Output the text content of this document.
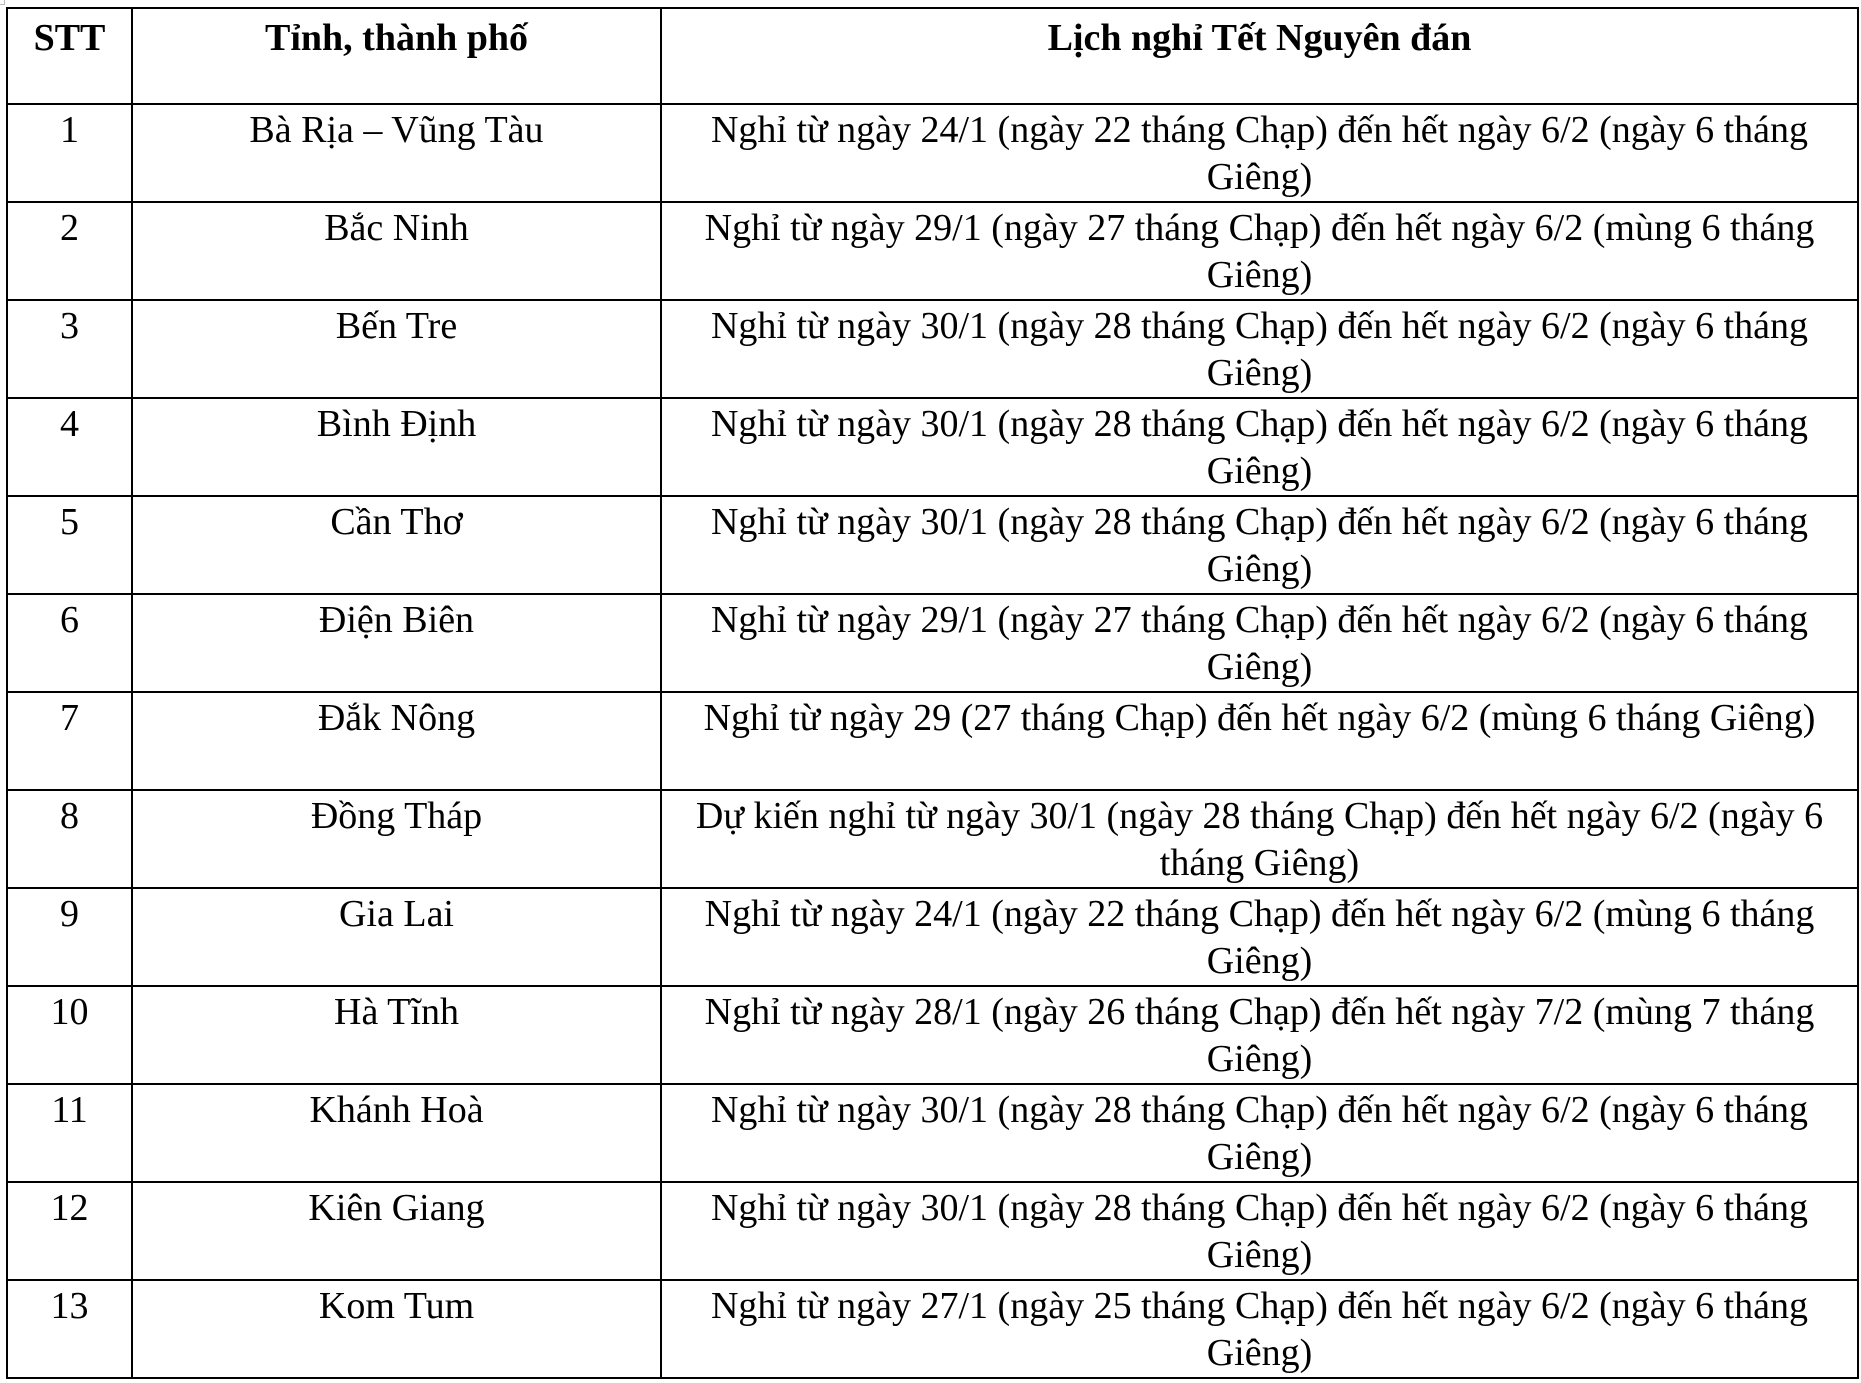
STT	Tỉnh, thành phố	Lịch nghỉ Tết Nguyên đán
1	Bà Rịa – Vũng Tàu	Nghỉ từ ngày 24/1 (ngày 22 tháng Chạp) đến hết ngày 6/2 (ngày 6 tháng Giêng)
2	Bắc Ninh	Nghỉ từ ngày 29/1 (ngày 27 tháng Chạp) đến hết ngày 6/2 (mùng 6 tháng Giêng)
3	Bến Tre	Nghỉ từ ngày 30/1 (ngày 28 tháng Chạp) đến hết ngày 6/2 (ngày 6 tháng Giêng)
4	Bình Định	Nghỉ từ ngày 30/1 (ngày 28 tháng Chạp) đến hết ngày 6/2 (ngày 6 tháng Giêng)
5	Cần Thơ	Nghỉ từ ngày 30/1 (ngày 28 tháng Chạp) đến hết ngày 6/2 (ngày 6 tháng Giêng)
6	Điện Biên	Nghỉ từ ngày 29/1 (ngày 27 tháng Chạp) đến hết ngày 6/2 (ngày 6 tháng Giêng)
7	Đắk Nông	Nghỉ từ ngày 29 (27 tháng Chạp) đến hết ngày 6/2 (mùng 6 tháng Giêng)
8	Đồng Tháp	Dự kiến nghỉ từ ngày 30/1 (ngày 28 tháng Chạp) đến hết ngày 6/2 (ngày 6 tháng Giêng)
9	Gia Lai	Nghỉ từ ngày 24/1 (ngày 22 tháng Chạp) đến hết ngày 6/2 (mùng 6 tháng Giêng)
10	Hà Tĩnh	Nghỉ từ ngày 28/1 (ngày 26 tháng Chạp) đến hết ngày 7/2 (mùng 7 tháng Giêng)
11	Khánh Hoà	Nghỉ từ ngày 30/1 (ngày 28 tháng Chạp) đến hết ngày 6/2 (ngày 6 tháng Giêng)
12	Kiên Giang	Nghỉ từ ngày 30/1 (ngày 28 tháng Chạp) đến hết ngày 6/2 (ngày 6 tháng Giêng)
13	Kom Tum	Nghỉ từ ngày 27/1 (ngày 25 tháng Chạp) đến hết ngày 6/2 (ngày 6 tháng Giêng)
